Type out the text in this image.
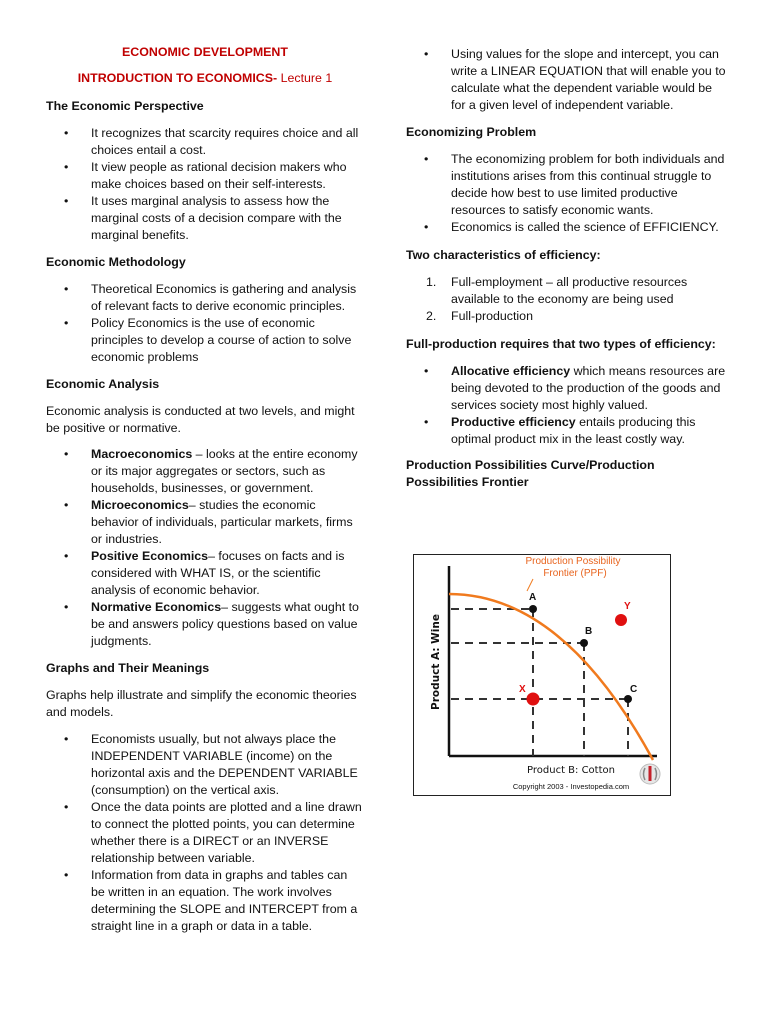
ECONOMIC DEVELOPMENT

INTRODUCTION TO ECONOMICS- Lecture 1

The Economic Perspective

• It recognizes that scarcity requires choice and all choices entail a cost.
• It view people as rational decision makers who make choices based on their self-interests.
• It uses marginal analysis to assess how the marginal costs of a decision compare with the marginal benefits.

Economic Methodology

• Theoretical Economics is gathering and analysis of relevant facts to derive economic principles.
• Policy Economics is the use of economic principles to develop a course of action to solve economic problems

Economic Analysis

Economic analysis is conducted at two levels, and might be positive or normative.

• Macroeconomics – looks at the entire economy or its major aggregates or sectors, such as households, businesses, or government.
• Microeconomics– studies the economic behavior of individuals, particular markets, firms or industries.
• Positive Economics– focuses on facts and is considered with WHAT IS, or the scientific analysis of economic behavior.
• Normative Economics– suggests what ought to be and answers policy questions based on value judgments.

Graphs and Their Meanings

Graphs help illustrate and simplify the economic theories and models.

• Economists usually, but not always place the INDEPENDENT VARIABLE (income) on the horizontal axis and the DEPENDENT VARIABLE (consumption) on the vertical axis.
• Once the data points are plotted and a line drawn to connect the plotted points, you can determine whether there is a DIRECT or an INVERSE relationship between variable.
• Information from data in graphs and tables can be written in an equation. The work involves determining the SLOPE and INTERCEPT from a straight line in a graph or data in a table.
• Using values for the slope and intercept, you can write a LINEAR EQUATION that will enable you to calculate what the dependent variable would be for a given level of independent variable.

Economizing Problem

• The economizing problem for both individuals and institutions arises from this continual struggle to decide how best to use limited productive resources to satisfy economic wants.
• Economics is called the science of EFFICIENCY.

Two characteristics of efficiency:

1. Full-employment – all productive resources available to the economy are being used
2. Full-production

Full-production requires that two types of efficiency:

• Allocative efficiency which means resources are being devoted to the production of the goods and services society most highly valued.
• Productive efficiency entails producing this optimal product mix in the least costly way.

Production Possibilities Curve/Production Possibilities Frontier

A
B
C
X
Y
Production Possibility
Frontier (PPF)
Product A: Wine
Product B: Cotton
Copyright 2003 - Investopedia.com
